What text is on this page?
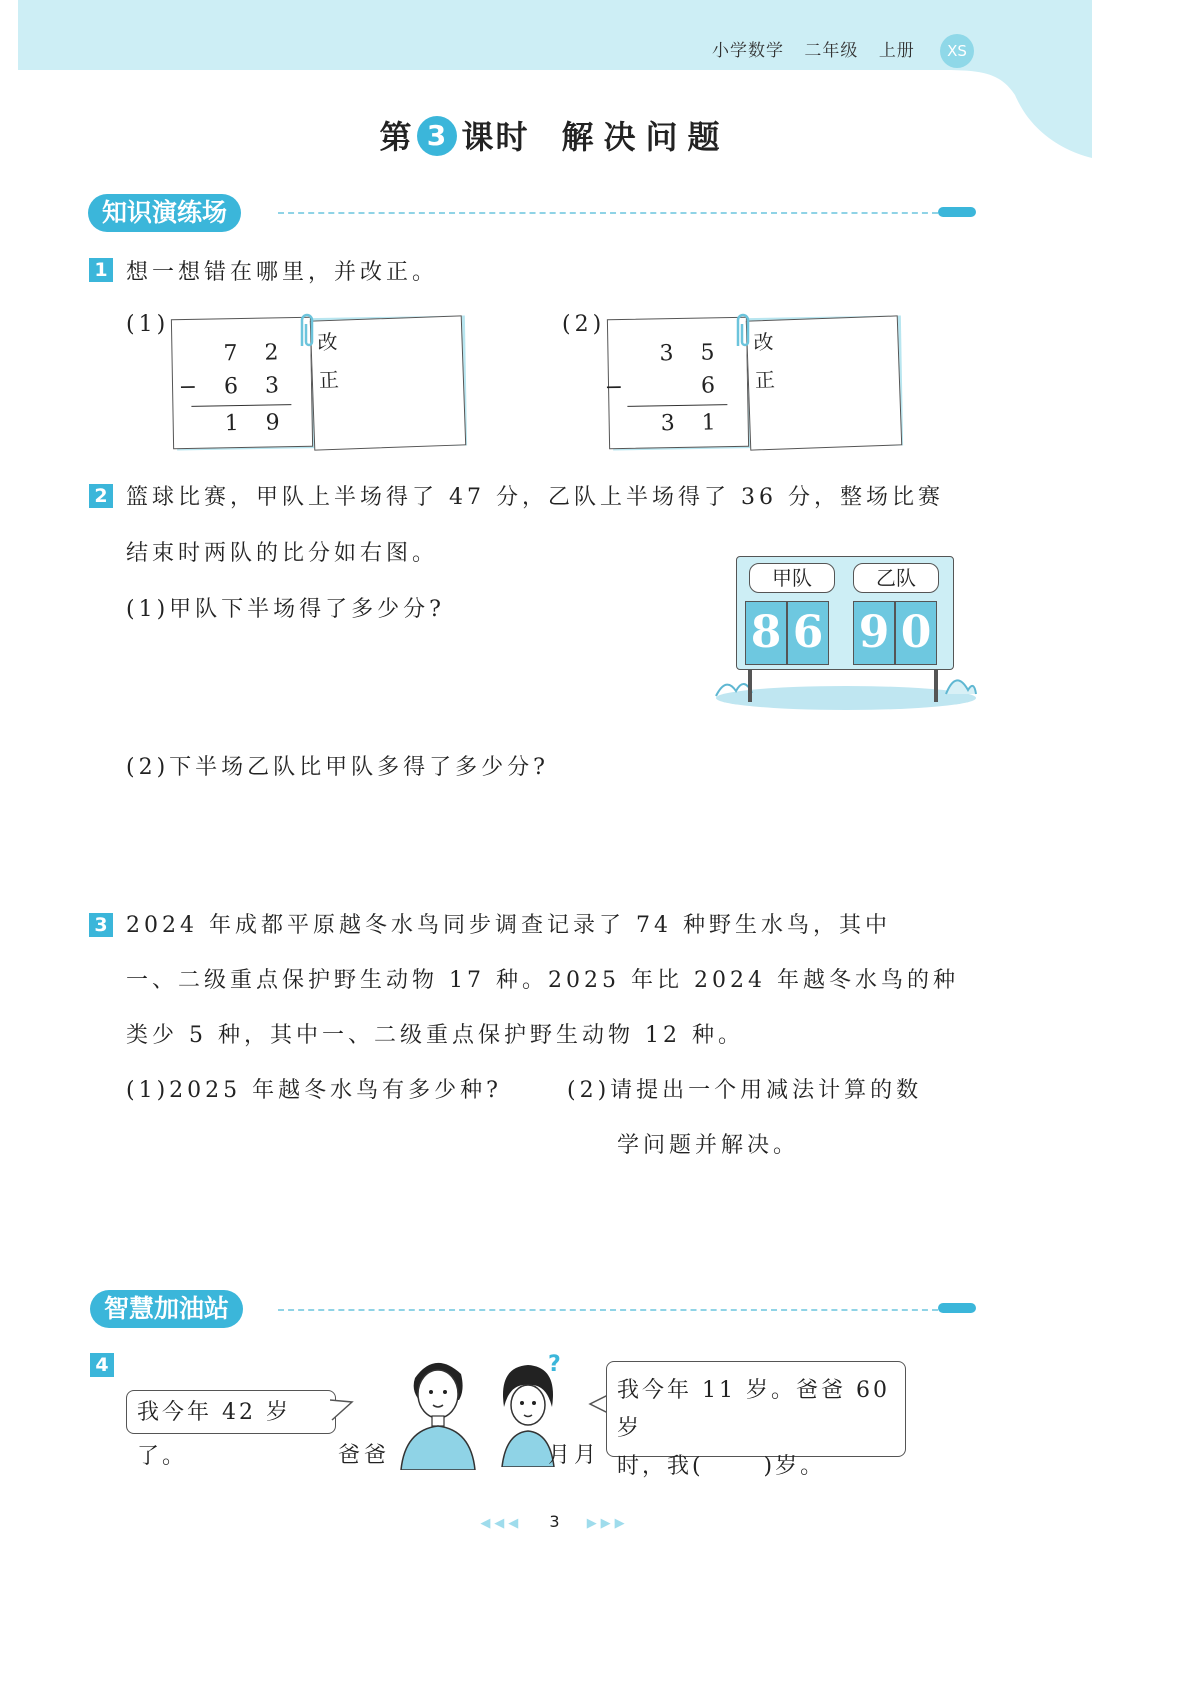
小学数学 二年级 上册	XS
第 3 课时 解决问题
知识演练场
1 想一想错在哪里，并改正。
(1)
7 2
− 6 3
1 9
改
正
(2)
3 5
−    6
3 1
改
正
2 篮球比赛，甲队上半场得了 47 分，乙队上半场得了 36 分，整场比赛
结束时两队的比分如右图。
(1)甲队下半场得了多少分?
(2)下半场乙队比甲队多得了多少分?
甲队	乙队
8 6 9 0
3 2024 年成都平原越冬水鸟同步调查记录了 74 种野生水鸟，其中
一、二级重点保护野生动物 17 种。2025 年比 2024 年越冬水鸟的种
类少 5 种，其中一、二级重点保护野生动物 12 种。
(1)2025 年越冬水鸟有多少种?	(2)请提出一个用减法计算的数
学问题并解决。
智慧加油站
4
我今年 42 岁了。	爸爸
?
月月
我今年 11 岁。爸爸 60 岁
时，我(      )岁。
◀◀◀ 3 ▶▶▶
